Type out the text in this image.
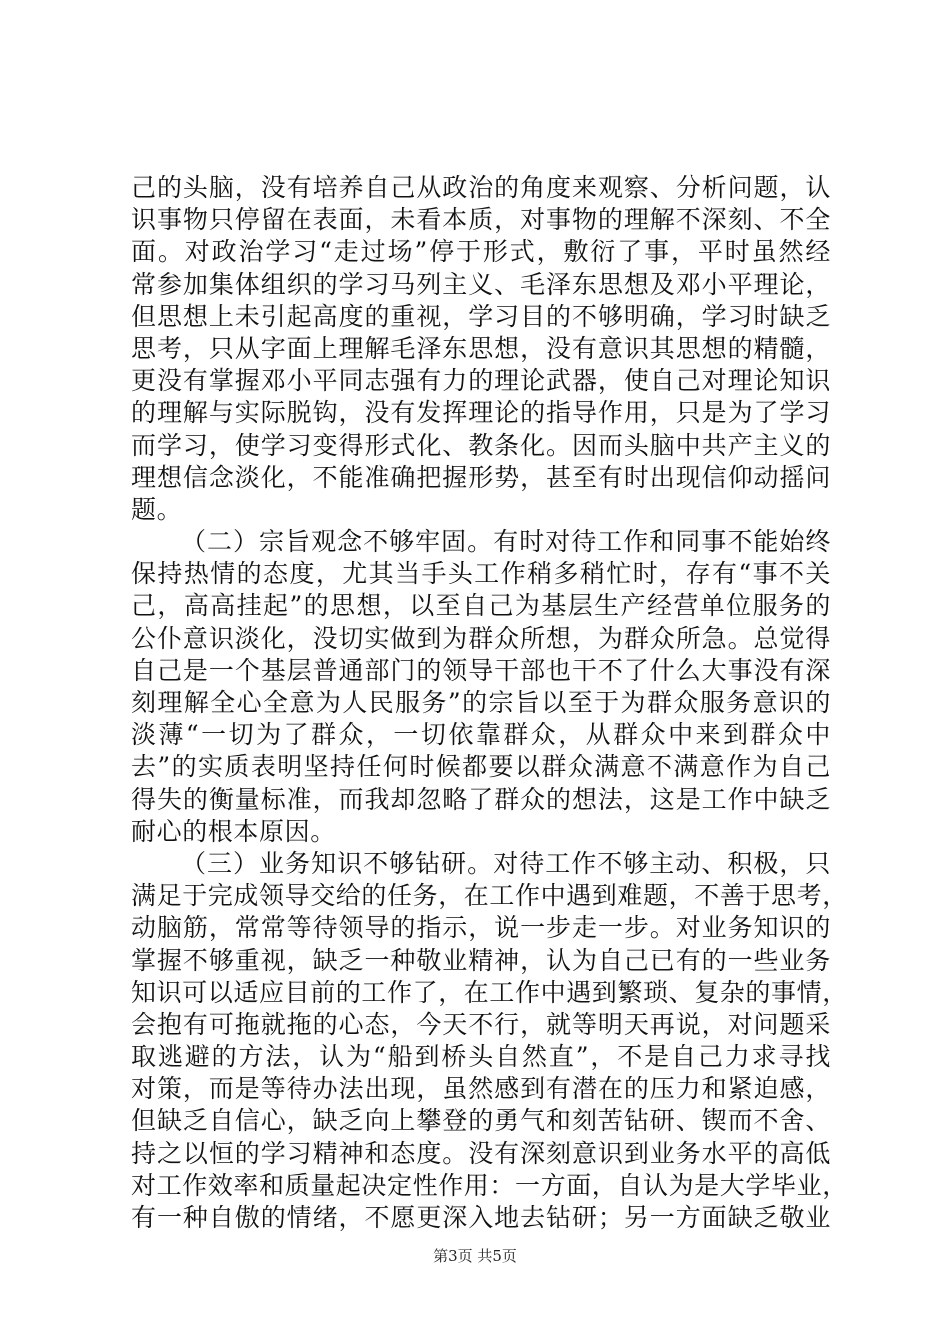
己的头脑，没有培养自己从政治的角度来观察、分析问题，认
识事物只停留在表面，未看本质，对事物的理解不深刻、不全
面。对政治学习“走过场”停于形式，敷衍了事，平时虽然经
常参加集体组织的学习马列主义、毛泽东思想及邓小平理论，
但思想上未引起高度的重视，学习目的不够明确，学习时缺乏
思考，只从字面上理解毛泽东思想，没有意识其思想的精髓，
更没有掌握邓小平同志强有力的理论武器，使自己对理论知识
的理解与实际脱钩，没有发挥理论的指导作用，只是为了学习
而学习，使学习变得形式化、教条化。因而头脑中共产主义的
理想信念淡化，不能准确把握形势，甚至有时出现信仰动摇问
题。
（二）宗旨观念不够牢固。有时对待工作和同事不能始终
保持热情的态度，尤其当手头工作稍多稍忙时，存有“事不关
己，高高挂起”的思想，以至自己为基层生产经营单位服务的
公仆意识淡化，没切实做到为群众所想，为群众所急。总觉得
自己是一个基层普通部门的领导干部也干不了什么大事没有深
刻理解全心全意为人民服务”的宗旨以至于为群众服务意识的
淡薄“一切为了群众，一切依靠群众，从群众中来到群众中
去”的实质表明坚持任何时候都要以群众满意不满意作为自己
得失的衡量标准，而我却忽略了群众的想法，这是工作中缺乏
耐心的根本原因。
（三）业务知识不够钻研。对待工作不够主动、积极，只
满足于完成领导交给的任务，在工作中遇到难题，不善于思考，
动脑筋，常常等待领导的指示，说一步走一步。对业务知识的
掌握不够重视，缺乏一种敬业精神，认为自己已有的一些业务
知识可以适应目前的工作了，在工作中遇到繁琐、复杂的事情，
会抱有可拖就拖的心态，今天不行，就等明天再说，对问题采
取逃避的方法，认为“船到桥头自然直”，不是自己力求寻找
对策，而是等待办法出现，虽然感到有潜在的压力和紧迫感，
但缺乏自信心，缺乏向上攀登的勇气和刻苦钻研、锲而不舍、
持之以恒的学习精神和态度。没有深刻意识到业务水平的高低
对工作效率和质量起决定性作用：一方面，自认为是大学毕业，
有一种自傲的情绪，不愿更深入地去钻研；另一方面缺乏敬业
第3页 共5页
